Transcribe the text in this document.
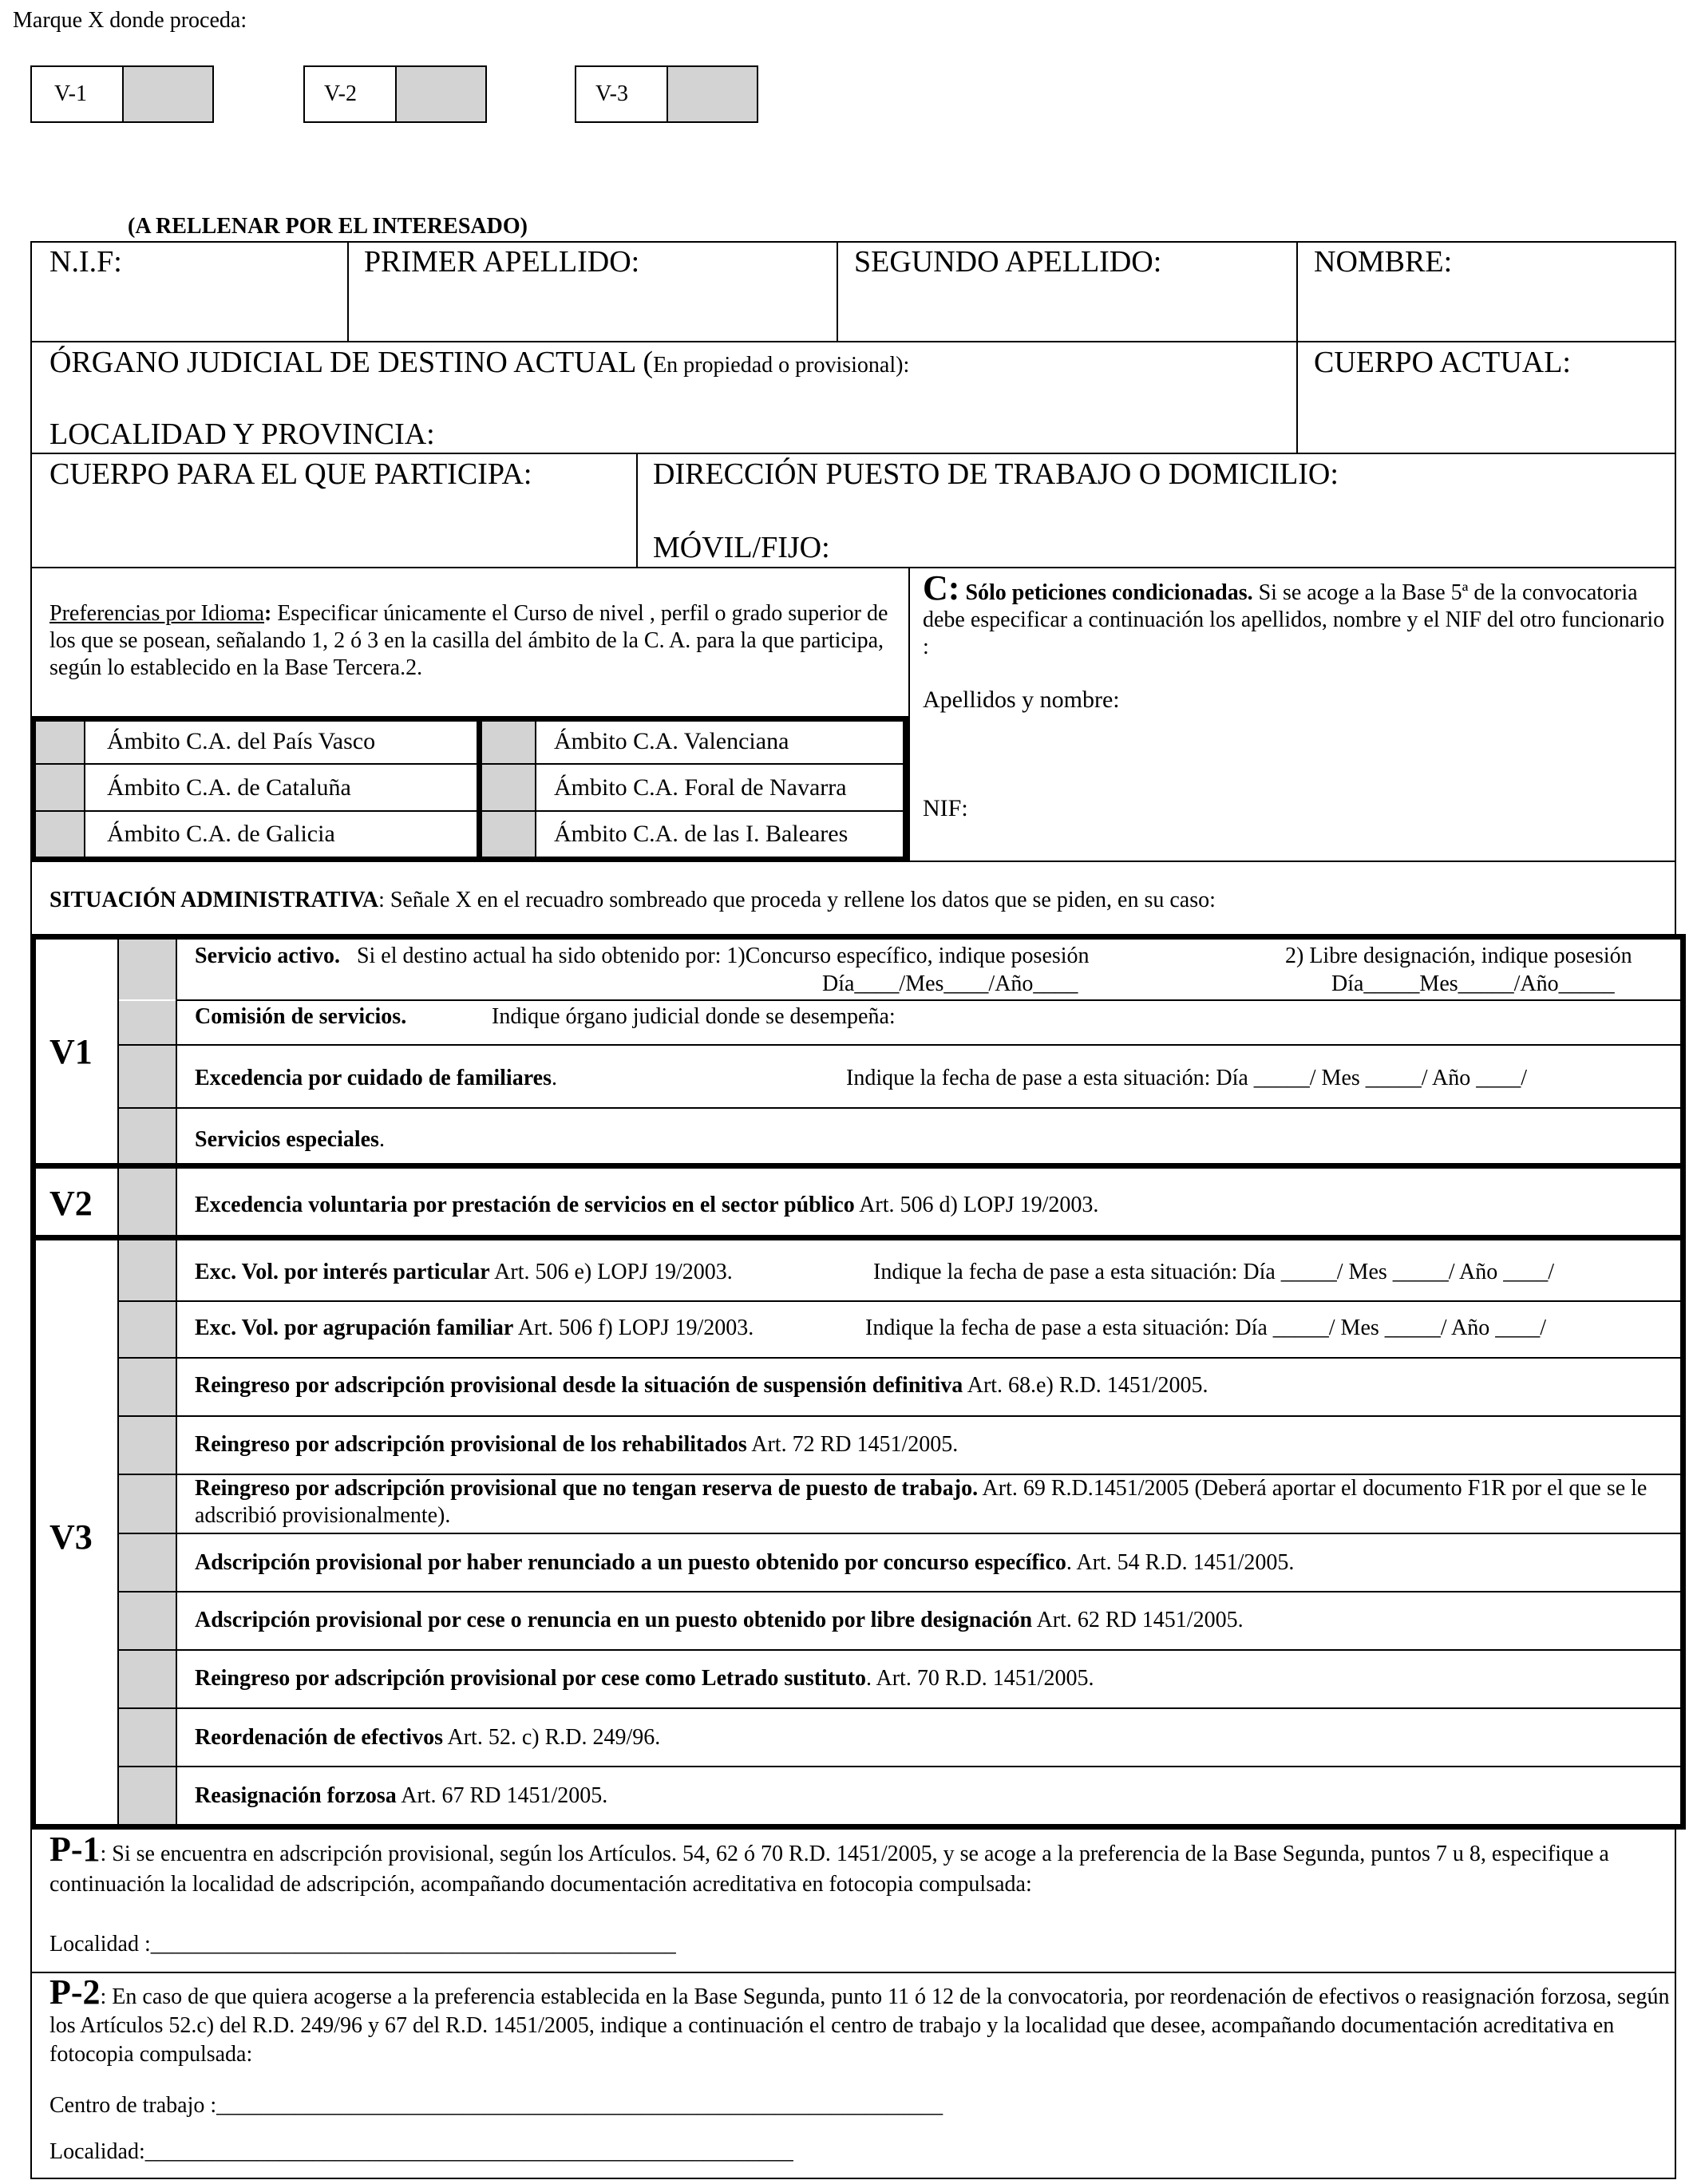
Marque X donde proceda:
V-1	V-2	V-3
(A RELLENAR POR EL INTERESADO)
N.I.F:	PRIMER APELLIDO:	SEGUNDO APELLIDO:	NOMBRE:
ÓRGANO JUDICIAL DE DESTINO ACTUAL (En propiedad o provisional):	CUERPO ACTUAL:
LOCALIDAD Y PROVINCIA:
CUERPO PARA EL QUE PARTICIPA:	DIRECCIÓN PUESTO DE TRABAJO O DOMICILIO:
MÓVIL/FIJO:
Preferencias por Idioma: Especificar únicamente el Curso de nivel , perfil o grado superior de los que se posean, señalando 1, 2 ó 3 en la casilla del ámbito de la C. A. para la que participa, según lo establecido en la Base Tercera.2.
Ámbito C.A. del País Vasco
Ámbito C.A. de Cataluña
Ámbito C.A. de Galicia
Ámbito C.A. Valenciana
Ámbito C.A. Foral de Navarra
Ámbito C.A. de las I. Baleares
C: Sólo peticiones condicionadas. Si se acoge a la Base 5ª de la convocatoria debe especificar a continuación los apellidos, nombre y el NIF del otro funcionario :
Apellidos y nombre:
NIF:
SITUACIÓN ADMINISTRATIVA: Señale X en el recuadro sombreado que proceda y rellene los datos que se piden, en su caso:
V1
Servicio activo. Si el destino actual ha sido obtenido por: 1)Concurso específico, indique posesión	2) Libre designación, indique posesión
Día____/Mes____/Año____	Día_____Mes_____/Año_____
Comisión de servicios.	Indique órgano judicial donde se desempeña:
Excedencia por cuidado de familiares.	Indique la fecha de pase a esta situación: Día _____/ Mes _____/ Año ____/
Servicios especiales.
V2	Excedencia voluntaria por prestación de servicios en el sector público Art. 506 d) LOPJ 19/2003.
V3
Exc. Vol. por interés particular Art. 506 e) LOPJ 19/2003.	Indique la fecha de pase a esta situación: Día _____/ Mes _____/ Año ____/
Exc. Vol. por agrupación familiar Art. 506 f) LOPJ 19/2003.	Indique la fecha de pase a esta situación: Día _____/ Mes _____/ Año ____/
Reingreso por adscripción provisional desde la situación de suspensión definitiva Art. 68.e) R.D. 1451/2005.
Reingreso por adscripción provisional de los rehabilitados Art. 72 RD 1451/2005.
Reingreso por adscripción provisional que no tengan reserva de puesto de trabajo. Art. 69 R.D.1451/2005 (Deberá aportar el documento F1R por el que se le adscribió provisionalmente).
Adscripción provisional por haber renunciado a un puesto obtenido por concurso específico. Art. 54 R.D. 1451/2005.
Adscripción provisional por cese o renuncia en un puesto obtenido por libre designación Art. 62 RD 1451/2005.
Reingreso por adscripción provisional por cese como Letrado sustituto. Art. 70 R.D. 1451/2005.
Reordenación de efectivos Art. 52. c) R.D. 249/96.
Reasignación forzosa Art. 67 RD 1451/2005.
P-1: Si se encuentra en adscripción provisional, según los Artículos. 54, 62 ó 70 R.D. 1451/2005, y se acoge a la preferencia de la Base Segunda, puntos 7 u 8, especifique a continuación la localidad de adscripción, acompañando documentación acreditativa en fotocopia compulsada:
Localidad :_______________________________________________
P-2: En caso de que quiera acogerse a la preferencia establecida en la Base Segunda, punto 11 ó 12 de la convocatoria, por reordenación de efectivos o reasignación forzosa, según los Artículos 52.c) del R.D. 249/96 y 67 del R.D. 1451/2005, indique a continuación el centro de trabajo y la localidad que desee, acompañando documentación acreditativa en fotocopia compulsada:
Centro de trabajo :_________________________________________________________________
Localidad:__________________________________________________________
